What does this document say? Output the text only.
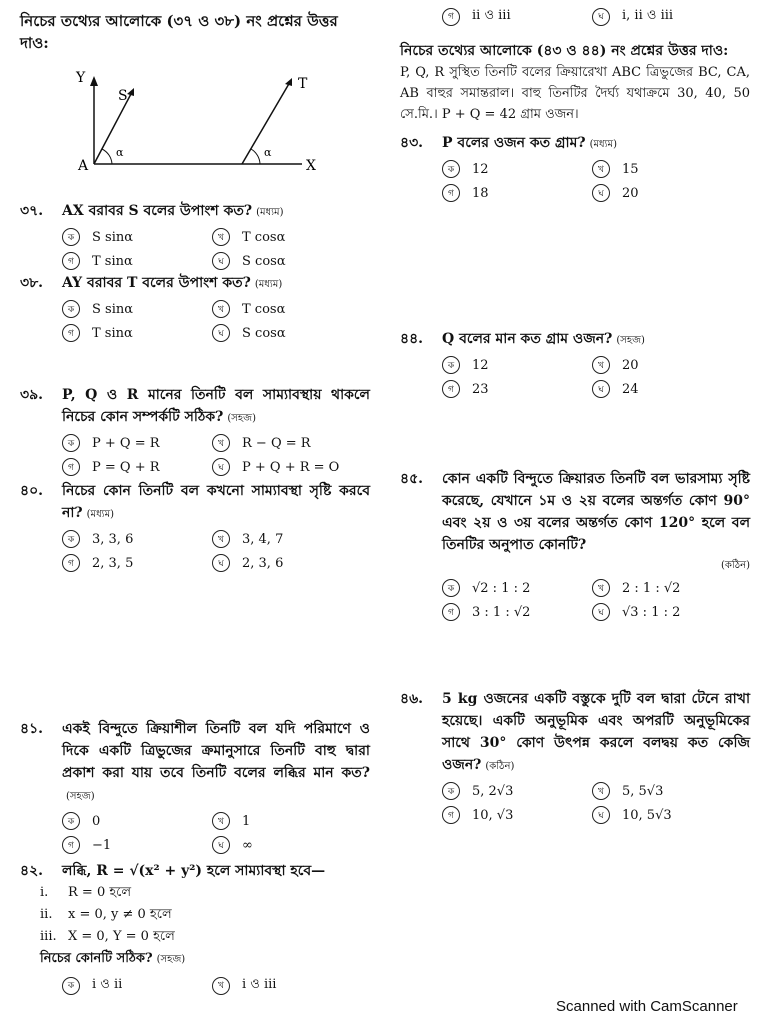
নিচের তথ্যের আলোকে (৩৭ ও ৩৮) নং প্রশ্নের উত্তর দাও:
Y
S
A	X
T
α	α
৩৭.	AX বরাবর S বলের উপাংশ কত? (মধ্যম)
ক	S sinα	খ	T cosα
গ	T sinα	ঘ	S cosα
৩৮.	AY বরাবর T বলের উপাংশ কত? (মধ্যম)
ক	S sinα	খ	T cosα
গ	T sinα	ঘ	S cosα
৩৯.	P, Q ও R মানের তিনটি বল সাম্যাবস্থায় থাকলে নিচের কোন সম্পর্কটি সঠিক? (সহজ)
ক	P + Q = R	খ	R − Q = R
গ	P = Q + R	ঘ	P + Q + R = O
৪০.	নিচের কোন তিনটি বল কখনো সাম্যাবস্থা সৃষ্টি করবে না? (মধ্যম)
ক	3, 3, 6	খ	3, 4, 7
গ	2, 3, 5	ঘ	2, 3, 6
৪১.	একই বিন্দুতে ক্রিয়াশীল তিনটি বল যদি পরিমাণে ও দিকে একটি ত্রিভুজের ক্রমানুসারে তিনটি বাহু দ্বারা প্রকাশ করা যায় তবে তিনটি বলের লব্ধির মান কত?(সহজ)
ক	0	খ	1
গ	−1	ঘ	∞
৪২.	লব্ধি, R = √(x² + y²) হলে সাম্যাবস্থা হবে—
i.	R = 0 হলে
ii.	x = 0, y ≠ 0 হলে
iii. X = 0, Y = 0 হলে
নিচের কোনটি সঠিক? (সহজ)
ক	i ও ii	খ	i ও iii
গ	ii ও iii	ঘ	i, ii ও iii
নিচের তথ্যের আলোকে (৪৩ ও ৪৪) নং প্রশ্নের উত্তর দাও:
P, Q, R সুস্থিত তিনটি বলের ক্রিয়ারেখা ABC ত্রিভুজের BC, CA, AB বাহুর সমান্তরাল। বাহু তিনটির দৈর্ঘ্য যথাক্রমে 30, 40, 50 সে.মি.। P + Q = 42 গ্রাম ওজন।
৪৩.	P বলের ওজন কত গ্রাম? (মধ্যম)
ক	12	খ	15
গ	18	ঘ	20
৪৪.	Q বলের মান কত গ্রাম ওজন? (সহজ)
ক	12	খ	20
গ	23	ঘ	24
৪৫.	কোন একটি বিন্দুতে ক্রিয়ারত তিনটি বল ভারসাম্য সৃষ্টি করেছে, যেখানে ১ম ও ২য় বলের অন্তর্গত কোণ 90° এবং ২য় ও ৩য় বলের অন্তর্গত কোণ 120° হলে বল তিনটির অনুপাত কোনটি?
(কঠিন)
ক	√2 : 1 : 2	খ	2 : 1 : √2
গ	3 : 1 : √2	ঘ	√3 : 1 : 2
৪৬.	5 kg ওজনের একটি বস্তুকে দুটি বল দ্বারা টেনে রাখা হয়েছে। একটি অনুভূমিক এবং অপরটি অনুভূমিকের সাথে 30° কোণ উৎপন্ন করলে বলদ্বয় কত কেজি ওজন? (কঠিন)
ক	5, 2√3	খ	5, 5√3
গ	10, √3	ঘ	10, 5√3
Scanned with CamScanner
